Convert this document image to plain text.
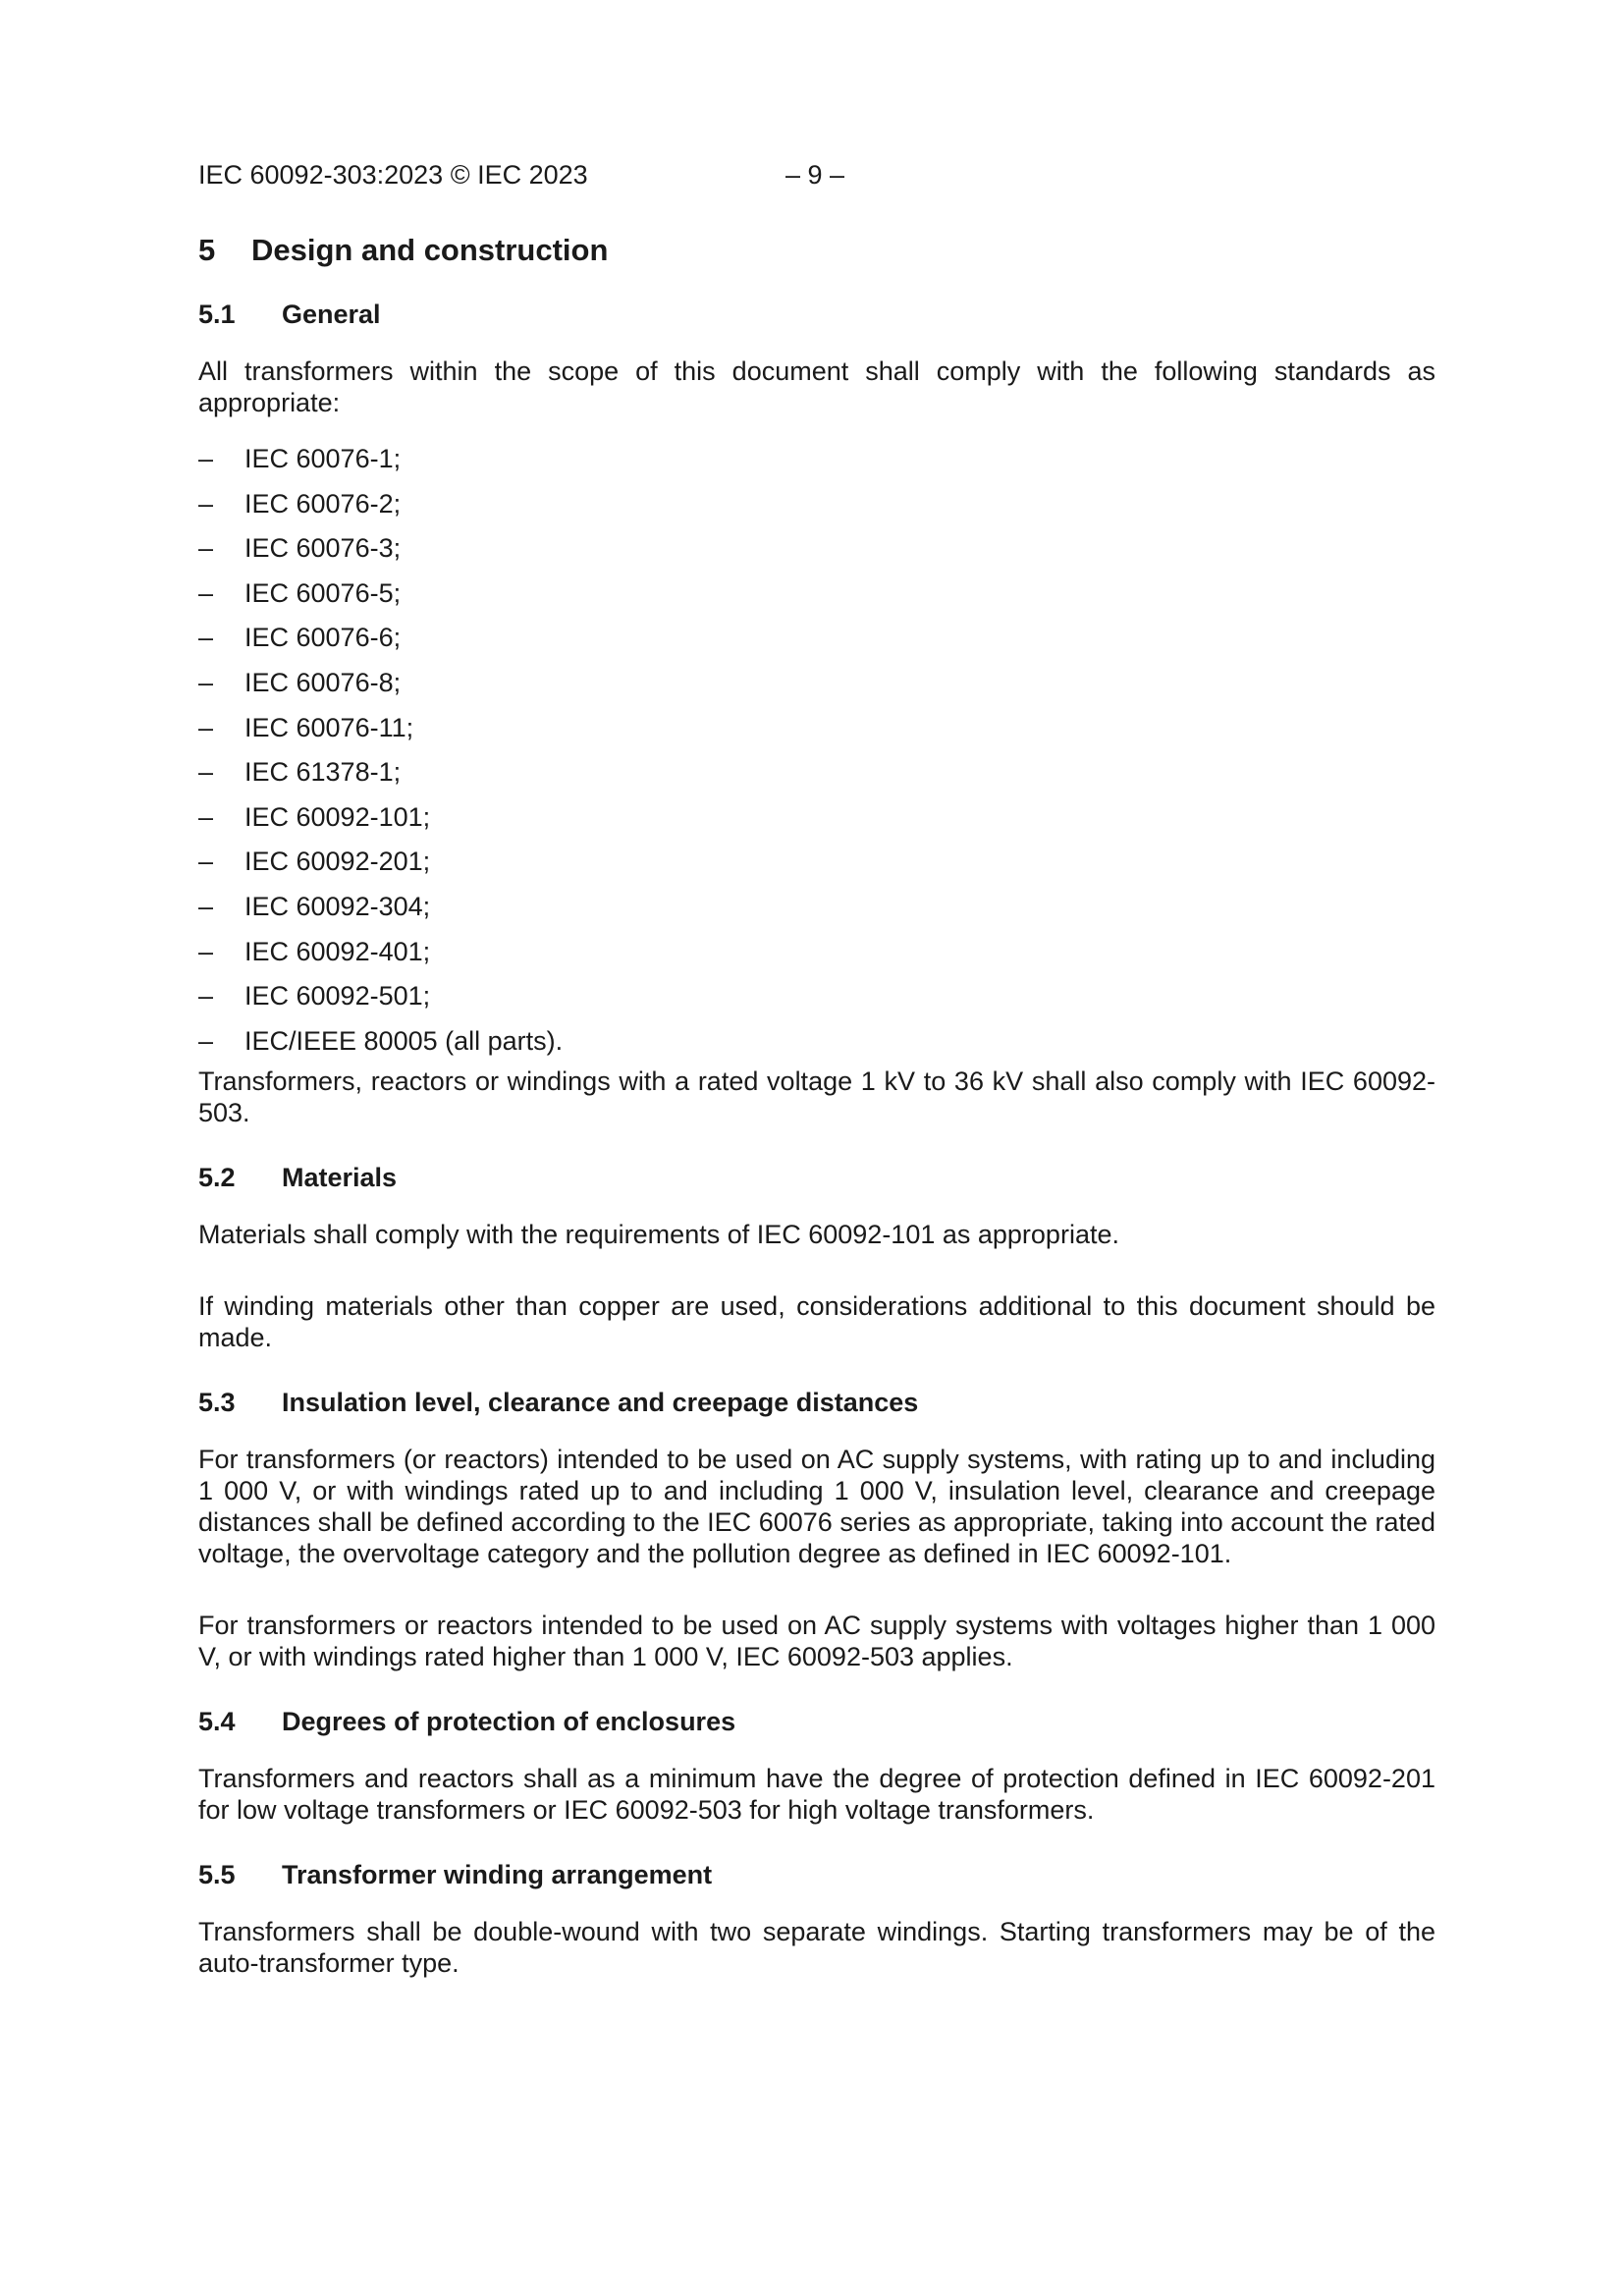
IEC 60092-303:2023 © IEC 2023	– 9 –
5 Design and construction
5.1 General

All transformers within the scope of this document shall comply with the following standards as appropriate:

– IEC 60076-1;
– IEC 60076-2;
– IEC 60076-3;
– IEC 60076-5;
– IEC 60076-6;
– IEC 60076-8;
– IEC 60076-11;
– IEC 61378-1;
– IEC 60092-101;
– IEC 60092-201;
– IEC 60092-304;
– IEC 60092-401;
– IEC 60092-501;
– IEC/IEEE 80005 (all parts).

Transformers, reactors or windings with a rated voltage 1 kV to 36 kV shall also comply with IEC 60092-503.

5.2 Materials

Materials shall comply with the requirements of IEC 60092-101 as appropriate.

If winding materials other than copper are used, considerations additional to this document should be made.

5.3 Insulation level, clearance and creepage distances

For transformers (or reactors) intended to be used on AC supply systems, with rating up to and including 1 000 V, or with windings rated up to and including 1 000 V, insulation level, clearance and creepage distances shall be defined according to the IEC 60076 series as appropriate, taking into account the rated voltage, the overvoltage category and the pollution degree as defined in IEC 60092-101.

For transformers or reactors intended to be used on AC supply systems with voltages higher than 1 000 V, or with windings rated higher than 1 000 V, IEC 60092-503 applies.

5.4 Degrees of protection of enclosures

Transformers and reactors shall as a minimum have the degree of protection defined in IEC 60092-201 for low voltage transformers or IEC 60092-503 for high voltage transformers.

5.5 Transformer winding arrangement

Transformers shall be double-wound with two separate windings. Starting transformers may be of the auto-transformer type.
